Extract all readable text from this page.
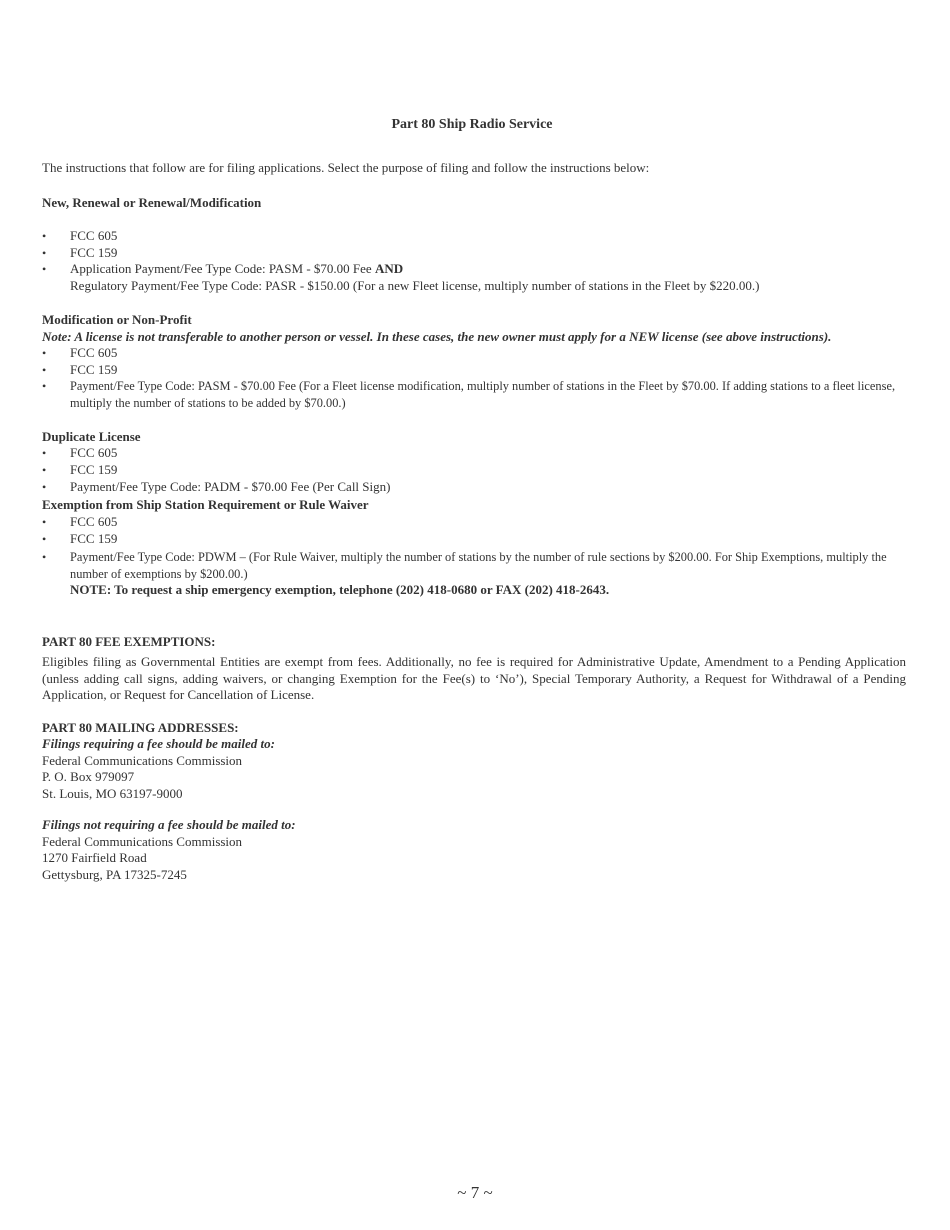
Part 80 Ship Radio Service
The instructions that follow are for filing applications. Select the purpose of filing and follow the instructions below:
New, Renewal or Renewal/Modification
• FCC 605
• FCC 159
• Application Payment/Fee Type Code: PASM - $70.00 Fee AND
Regulatory Payment/Fee Type Code: PASR - $150.00 (For a new Fleet license, multiply number of stations in the Fleet by $220.00.)
Modification or Non-Profit
Note: A license is not transferable to another person or vessel. In these cases, the new owner must apply for a NEW license (see above instructions).
• FCC 605
• FCC 159
• Payment/Fee Type Code: PASM - $70.00 Fee (For a Fleet license modification, multiply number of stations in the Fleet by $70.00. If adding stations to a fleet license, multiply the number of stations to be added by $70.00.)
Duplicate License
• FCC 605
• FCC 159
• Payment/Fee Type Code: PADM - $70.00 Fee (Per Call Sign)
Exemption from Ship Station Requirement or Rule Waiver
• FCC 605
• FCC 159
• Payment/Fee Type Code: PDWM – (For Rule Waiver, multiply the number of stations by the number of rule sections by $200.00. For Ship Exemptions, multiply the number of exemptions by $200.00.)
NOTE: To request a ship emergency exemption, telephone (202) 418-0680 or FAX (202) 418-2643.
PART 80 FEE EXEMPTIONS:
Eligibles filing as Governmental Entities are exempt from fees. Additionally, no fee is required for Administrative Update, Amendment to a Pending Application (unless adding call signs, adding waivers, or changing Exemption for the Fee(s) to ‘No’), Special Temporary Authority, a Request for Withdrawal of a Pending Application, or Request for Cancellation of License.
PART 80 MAILING ADDRESSES:
Filings requiring a fee should be mailed to:
Federal Communications Commission
P. O. Box 979097
St. Louis, MO 63197-9000
Filings not requiring a fee should be mailed to:
Federal Communications Commission
1270 Fairfield Road
Gettysburg, PA 17325-7245
~ 7 ~
